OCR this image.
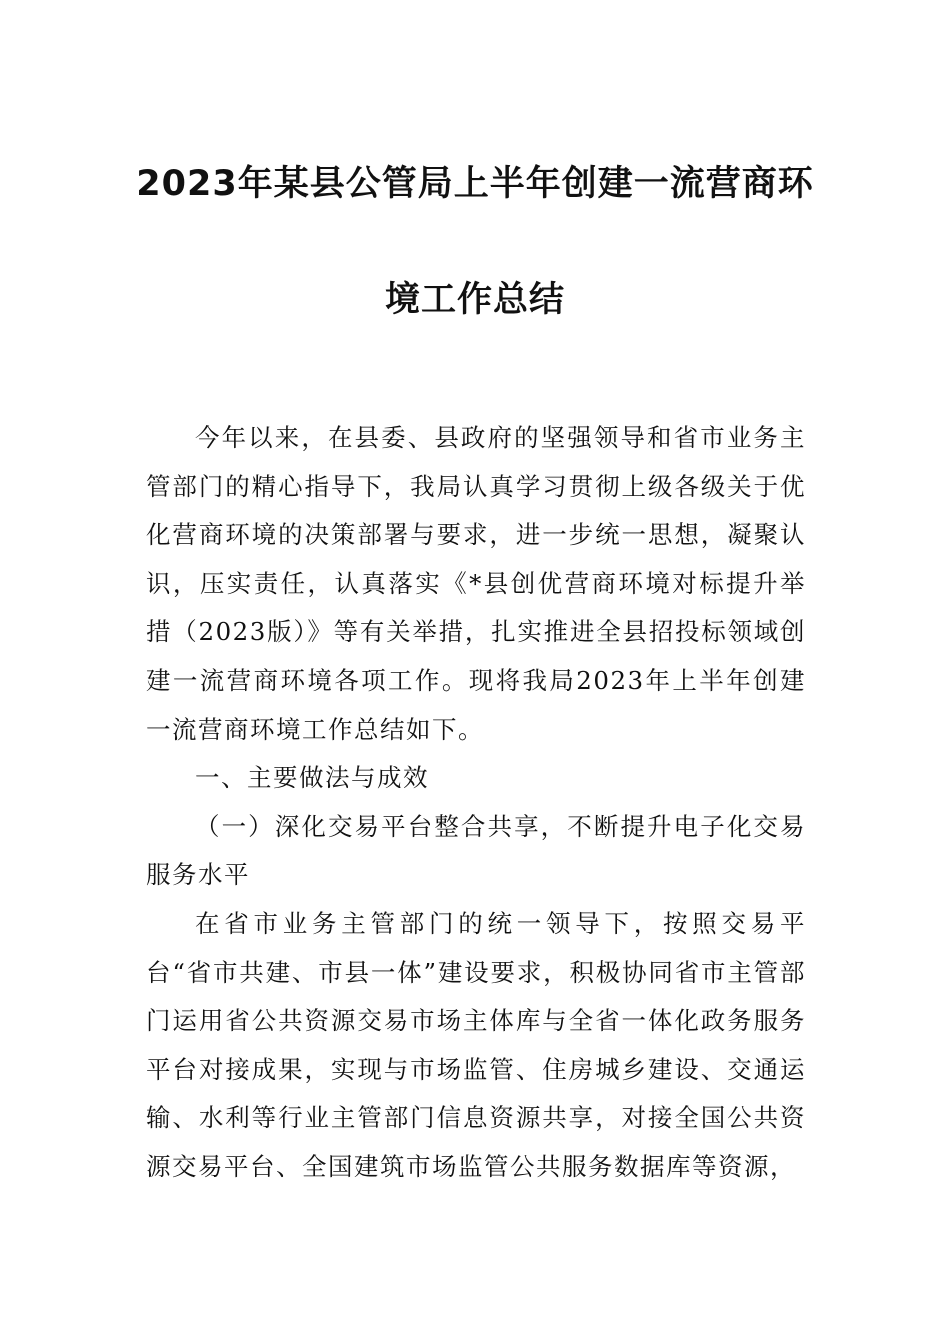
2023年某县公管局上半年创建一流营商环
境工作总结

今年以来，在县委、县政府的坚强领导和省市业务主管部门的精心指导下，我局认真学习贯彻上级各级关于优化营商环境的决策部署与要求，进一步统一思想，凝聚认识，压实责任，认真落实《*县创优营商环境对标提升举措（2023版）》等有关举措，扎实推进全县招投标领域创建一流营商环境各项工作。现将我局2023年上半年创建一流营商环境工作总结如下。

一、主要做法与成效

（一）深化交易平台整合共享，不断提升电子化交易服务水平

在省市业务主管部门的统一领导下，按照交易平台“省市共建、市县一体”建设要求，积极协同省市主管部门运用省公共资源交易市场主体库与全省一体化政务服务平台对接成果，实现与市场监管、住房城乡建设、交通运输、水利等行业主管部门信息资源共享，对接全国公共资源交易平台、全国建筑市场监管公共服务数据库等资源，
